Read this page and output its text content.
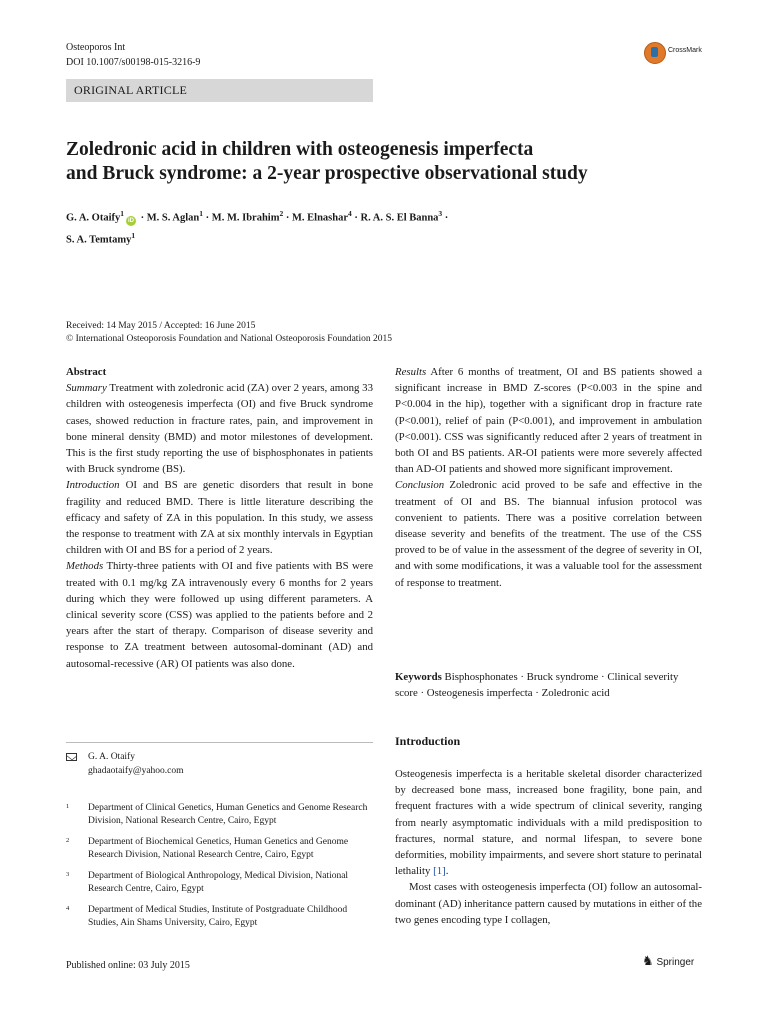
Osteoporos Int
DOI 10.1007/s00198-015-3216-9
CrossMark
ORIGINAL ARTICLE
Zoledronic acid in children with osteogenesis imperfecta
and Bruck syndrome: a 2-year prospective observational study
G. A. Otaify$^1$iD · M. S. Aglan$^1$ · M. M. Ibrahim$^2$ · M. Elnashar$^4$ · R. A. S. El Banna$^3$ ·
S. A. Temtamy$^1$
Received: 14 May 2015 / Accepted: 16 June 2015
© International Osteoporosis Foundation and National Osteoporosis Foundation 2015

Abstract

Summary Treatment with zoledronic acid (ZA) over 2 years, among 33 children with osteogenesis imperfecta (OI) and five Bruck syndrome cases, showed reduction in fracture rates, pain, and improvement in bone mineral density (BMD) and motor milestones of development. This is the first study reporting the use of bisphosphonates in patients with Bruck syndrome (BS).

Introduction OI and BS are genetic disorders that result in bone fragility and reduced BMD. There is little literature describing the efficacy and safety of ZA in this population. In this study, we assess the response to treatment with ZA at six monthly intervals in Egyptian children with OI and BS for a period of 2 years.

Methods Thirty-three patients with OI and five patients with BS were treated with 0.1 mg/kg ZA intravenously every 6 months for 2 years during which they were followed up using different parameters. A clinical severity score (CSS) was applied to the patients before and 2 years after the start of therapy. Comparison of disease severity and response to ZA treatment between autosomal-dominant (AD) and autosomal-recessive (AR) OI patients was also done.

Results After 6 months of treatment, OI and BS patients showed a significant increase in BMD Z-scores (P<0.003 in the spine and P<0.004 in the hip), together with a significant drop in fracture rate (P<0.001), relief of pain (P<0.001), and improvement in ambulation (P<0.001). CSS was significantly reduced after 2 years of treatment in both OI and BS patients. AR-OI patients were more severely affected than AD-OI patients and showed more significant improvement.

Conclusion Zoledronic acid proved to be safe and effective in the treatment of OI and BS. The biannual infusion protocol was convenient to patients. There was a positive correlation between disease severity and benefits of the treatment. The use of the CSS proved to be of value in the assessment of the degree of severity in OI, and with some modifications, it was a valuable tool for the assessment of response to treatment.

Keywords Bisphosphonates · Bruck syndrome · Clinical severity score · Osteogenesis imperfecta · Zoledronic acid
G. A. Otaify
ghadaotaify@yahoo.com
1 Department of Clinical Genetics, Human Genetics and Genome Research Division, National Research Centre, Cairo, Egypt
2 Department of Biochemical Genetics, Human Genetics and Genome Research Division, National Research Centre, Cairo, Egypt
3 Department of Biological Anthropology, Medical Division, National Research Centre, Cairo, Egypt
4 Department of Medical Studies, Institute of Postgraduate Childhood Studies, Ain Shams University, Cairo, Egypt
Introduction

Osteogenesis imperfecta is a heritable skeletal disorder characterized by decreased bone mass, increased bone fragility, bone pain, and frequent fractures with a wide spectrum of clinical severity, ranging from nearly asymptomatic individuals with a mild predisposition to fractures, normal stature, and normal lifespan, to severe bone deformities, mobility impairments, and severe short stature to perinatal lethality [1].

Most cases with osteogenesis imperfecta (OI) follow an autosomal-dominant (AD) inheritance pattern caused by mutations in either of the two genes encoding type I collagen,

Published online: 03 July 2015	♞ Springer
